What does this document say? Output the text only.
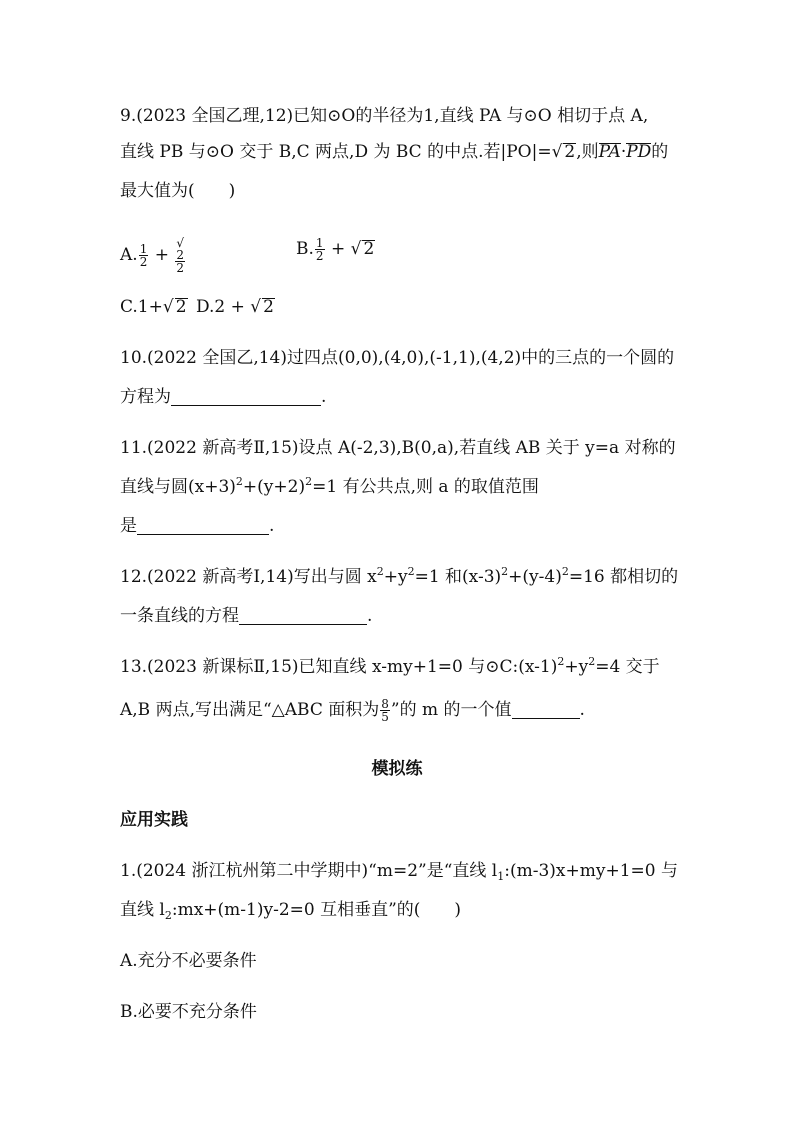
9.(2023 全国乙理,12)已知⊙O的半径为1,直线 PA 与⊙O 相切于点 A,
直线 PB 与⊙O 交于 B,C 两点,D 为 BC 的中点.若|PO|=√ 2,则PA·PD的
最大值为(　　)
A. $\frac{1}{2}$ + √
2
2	B. $\frac{1}{2}$ + √ 2
C.1+√ 2 D.2 + √ 2
10.(2022 全国乙,14)过四点(0,0),(4,0),(-1,1),(4,2)中的三点的一个圆的
方程为	.
11.(2022 新高考Ⅱ,15)设点 A(-2,3),B(0,a),若直线 AB 关于 y=a 对称的
直线与圆$(x+3)^2+(y+2)^2=1$ 有公共点,则 a 的取值范围
是	.
12.(2022 新高考Ⅰ,14)写出与圆 $x^2+y^2=1$ 和$(x-3)^2+(y-4)^2=16$ 都相切的
一条直线的方程	.
13.(2023 新课标Ⅱ,15)已知直线 x-my+1=0 与$⊙C:(x-1)^2+y^2=4$ 交于
A,B 两点,写出满足“△ABC 面积为 $\frac{8}{5}$ ”的 m 的一个值	.
模拟练
应用实践
1.(2024 浙江杭州第二中学期中)“m=2”是“直线 $l_1:(m-3)x+my+1=0$ 与
直线 $l_2:mx+(m-1)y-2=0$ 互相垂直”的(　　)
A.充分不必要条件
B.必要不充分条件
